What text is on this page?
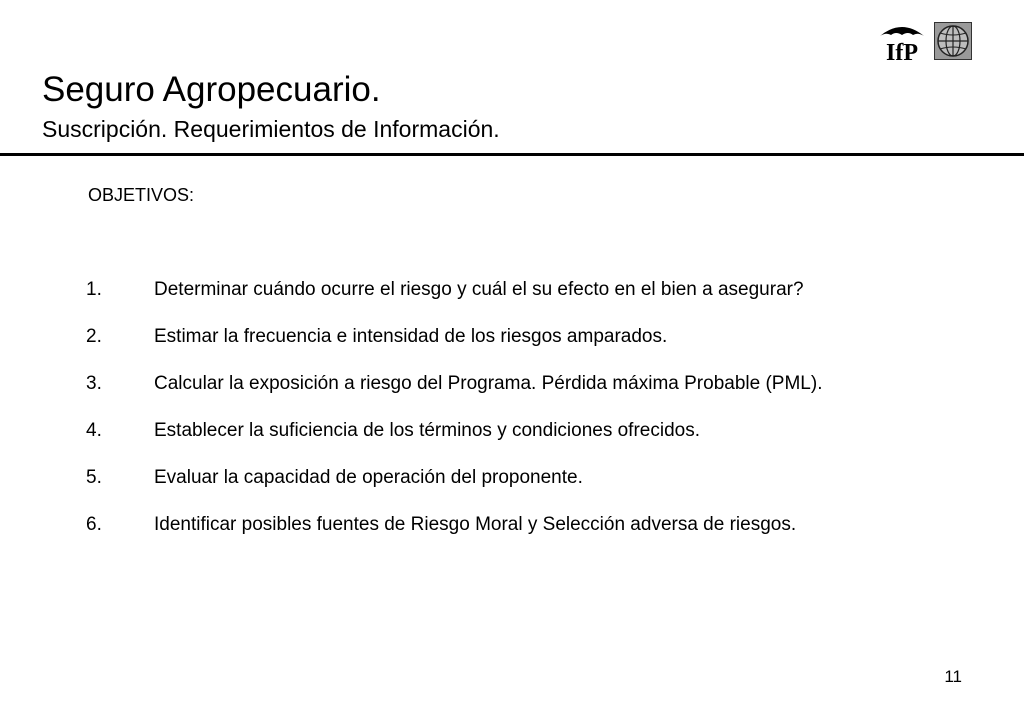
IfP
Seguro Agropecuario.
Suscripción. Requerimientos de Información.
OBJETIVOS:
1.	Determinar cuándo ocurre el riesgo y cuál el su efecto en el bien a asegurar?
2.	Estimar la frecuencia e intensidad de los riesgos amparados.
3.	Calcular la exposición a riesgo del Programa. Pérdida máxima Probable (PML).
4.	Establecer la suficiencia de los términos y condiciones ofrecidos.
5.	Evaluar la capacidad de operación del proponente.
6.	Identificar posibles fuentes de Riesgo Moral y Selección adversa de riesgos.
11
